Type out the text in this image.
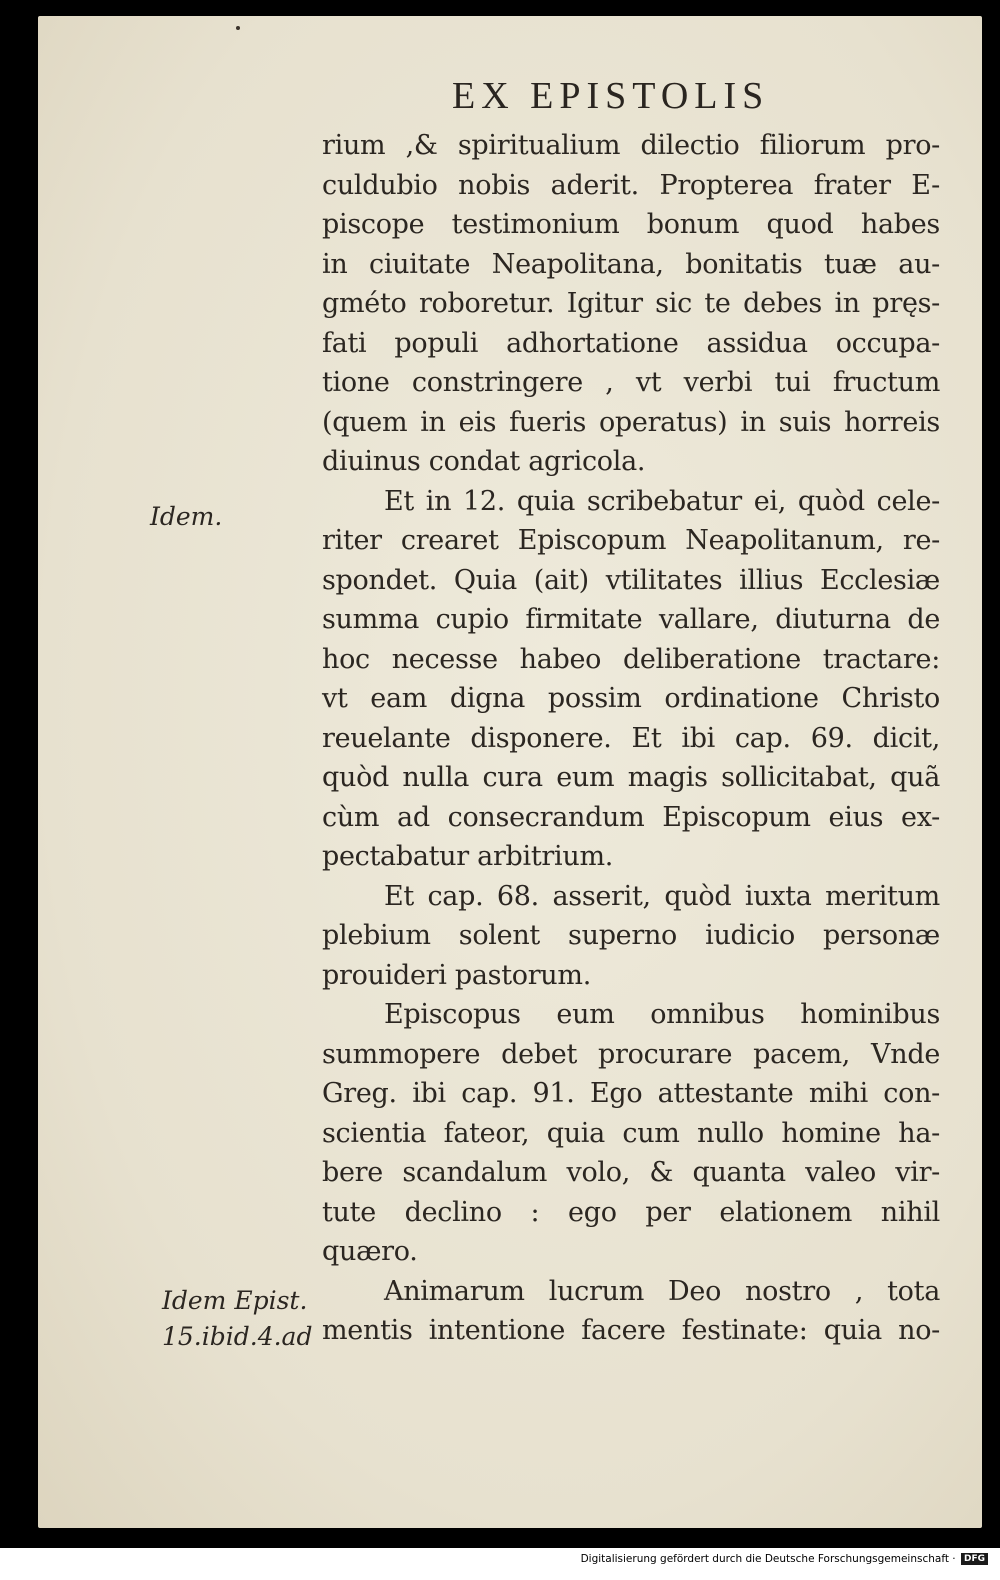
EX EPISTOLIS
Idem.
Idem Epist.
15.ibid.4.ad
rium ,& spiritualium dilectio filiorum pro-
culdubio nobis aderit. Propterea frater E-
piscope testimonium bonum quod habes
in ciuitate Neapolitana, bonitatis tuæ au-
gméto roboretur. Igitur sic te debes in pręs-
fati populi adhortatione assidua occupa-
tione constringere , vt verbi tui fructum
(quem in eis fueris operatus) in suis horreis
diuinus condat agricola.
Et in 12. quia scribebatur ei, quòd cele-
riter crearet Episcopum Neapolitanum, re-
spondet. Quia (ait) vtilitates illius Ecclesiæ
summa cupio firmitate vallare, diuturna de
hoc necesse habeo deliberatione tractare:
vt eam digna possim ordinatione Christo
reuelante disponere. Et ibi cap. 69. dicit,
quòd nulla cura eum magis sollicitabat, quã
cùm ad consecrandum Episcopum eius ex-
pectabatur arbitrium.
Et cap. 68. asserit, quòd iuxta meritum
plebium solent superno iudicio personæ
prouideri pastorum.
Episcopus eum omnibus hominibus
summopere debet procurare pacem, Vnde
Greg. ibi cap. 91. Ego attestante mihi con-
scientia fateor, quia cum nullo homine ha-
bere scandalum volo, & quanta valeo vir-
tute declino : ego per elationem nihil
quæro.
Animarum lucrum Deo nostro , tota
mentis intentione facere festinate: quia no-
Digitalisierung gefördert durch die Deutsche Forschungsgemeinschaft · DFG
